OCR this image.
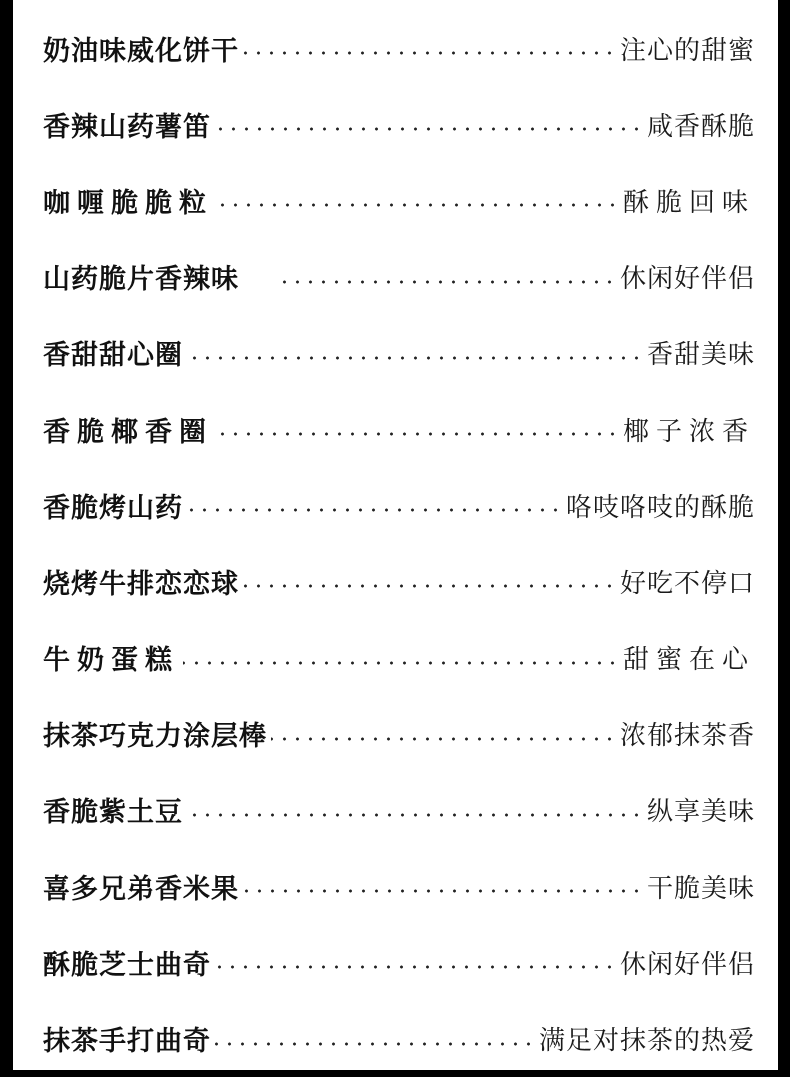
奶油味威化饼干	注心的甜蜜
香辣山药薯笛	咸香酥脆
咖喱脆脆粒	酥脆回味
山药脆片香辣味	休闲好伴侣
香甜甜心圈	香甜美味
香脆椰香圈	椰子浓香
香脆烤山药	咯吱咯吱的酥脆
烧烤牛排恋恋球	好吃不停口
牛奶蛋糕	甜蜜在心
抹茶巧克力涂层棒	浓郁抹茶香
香脆紫土豆	纵享美味
喜多兄弟香米果	干脆美味
酥脆芝士曲奇	休闲好伴侣
抹茶手打曲奇	满足对抹茶的热爱
